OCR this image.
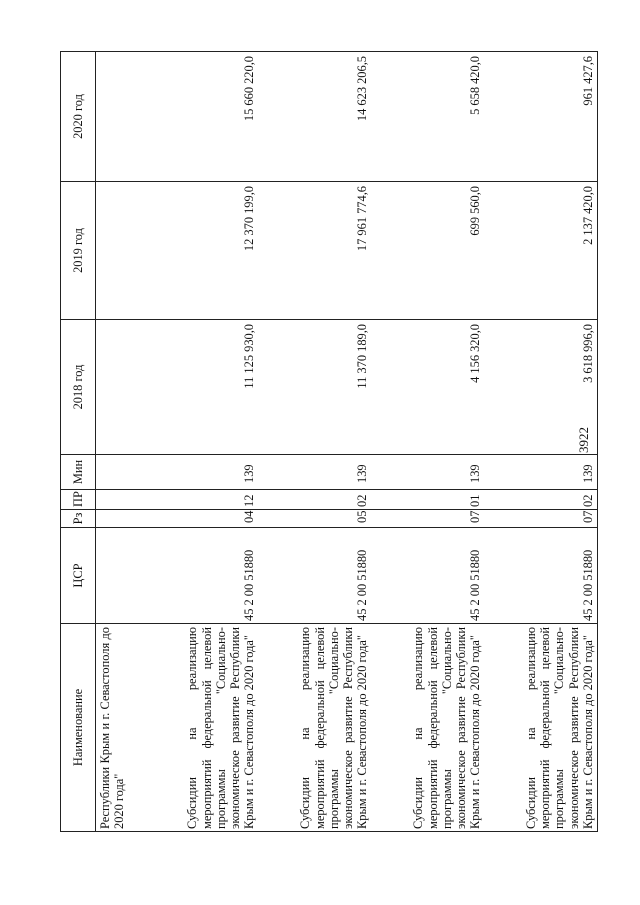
3922
Наименование	ЦСР	Рз	ПР	Мин	2018 год	2019 год	2020 год
Республики Крым и г. Севастополя до 2020 года"							
Субсидии на реализацию мероприятий федеральной целевой программы "Социально-экономическое развитие Республики Крым и г. Севастополя до 2020 года"	45 2 00 51880	04	12	139	11 125 930,0	12 370 199,0	15 660 220,0
Субсидии на реализацию мероприятий федеральной целевой программы "Социально-экономическое развитие Республики Крым и г. Севастополя до 2020 года"	45 2 00 51880	05	02	139	11 370 189,0	17 961 774,6	14 623 206,5
Субсидии на реализацию мероприятий федеральной целевой программы "Социально-экономическое развитие Республики Крым и г. Севастополя до 2020 года"	45 2 00 51880	07	01	139	4 156 320,0	699 560,0	5 658 420,0
Субсидии на реализацию мероприятий федеральной целевой программы "Социально-экономическое развитие Республики Крым и г. Севастополя до 2020 года"	45 2 00 51880	07	02	139	3 618 996,0	2 137 420,0	961 427,6
